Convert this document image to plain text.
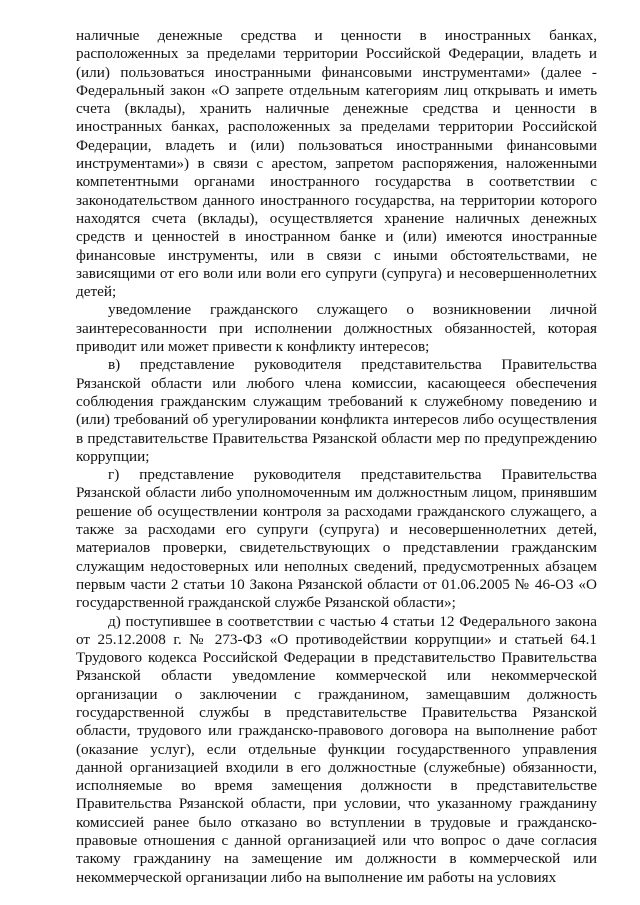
наличные денежные средства и ценности в иностранных банках, расположенных за пределами территории Российской Федерации, владеть и (или) пользоваться иностранными финансовыми инструментами» (далее - Федеральный закон «О запрете отдельным категориям лиц открывать и иметь счета (вклады), хранить наличные денежные средства и ценности в иностранных банках, расположенных за пределами территории Российской Федерации, владеть и (или) пользоваться иностранными финансовыми инструментами») в связи с арестом, запретом распоряжения, наложенными компетентными органами иностранного государства в соответствии с законодательством данного иностранного государства, на территории которого находятся счета (вклады), осуществляется хранение наличных денежных средств и ценностей в иностранном банке и (или) имеются иностранные финансовые инструменты, или в связи с иными обстоятельствами, не зависящими от его воли или воли его супруги (супруга) и несовершеннолетних детей;

уведомление гражданского служащего о возникновении личной заинтересованности при исполнении должностных обязанностей, которая приводит или может привести к конфликту интересов;

в) представление руководителя представительства Правительства Рязанской области или любого члена комиссии, касающееся обеспечения соблюдения гражданским служащим требований к служебному поведению и (или) требований об урегулировании конфликта интересов либо осуществления в представительстве Правительства Рязанской области мер по предупреждению коррупции;

г) представление руководителя представительства Правительства Рязанской области либо уполномоченным им должностным лицом, принявшим решение об осуществлении контроля за расходами гражданского служащего, а также за расходами его супруги (супруга) и несовершеннолетних детей, материалов проверки, свидетельствующих о представлении гражданским служащим недостоверных или неполных сведений, предусмотренных абзацем первым части 2 статьи 10 Закона Рязанской области от 01.06.2005 № 46-ОЗ «О государственной гражданской службе Рязанской области»;

д) поступившее в соответствии с частью 4 статьи 12 Федерального закона от 25.12.2008 г. № 273-ФЗ «О противодействии коррупции» и статьей 64.1 Трудового кодекса Российской Федерации в представительство Правительства Рязанской области уведомление коммерческой или некоммерческой организации о заключении с гражданином, замещавшим должность государственной службы в представительстве Правительства Рязанской области, трудового или гражданско-правового договора на выполнение работ (оказание услуг), если отдельные функции государственного управления данной организацией входили в его должностные (служебные) обязанности, исполняемые во время замещения должности в представительстве Правительства Рязанской области, при условии, что указанному гражданину комиссией ранее было отказано во вступлении в трудовые и гражданско-правовые отношения с данной организацией или что вопрос о даче согласия такому гражданину на замещение им должности в коммерческой или некоммерческой организации либо на выполнение им работы на условиях
